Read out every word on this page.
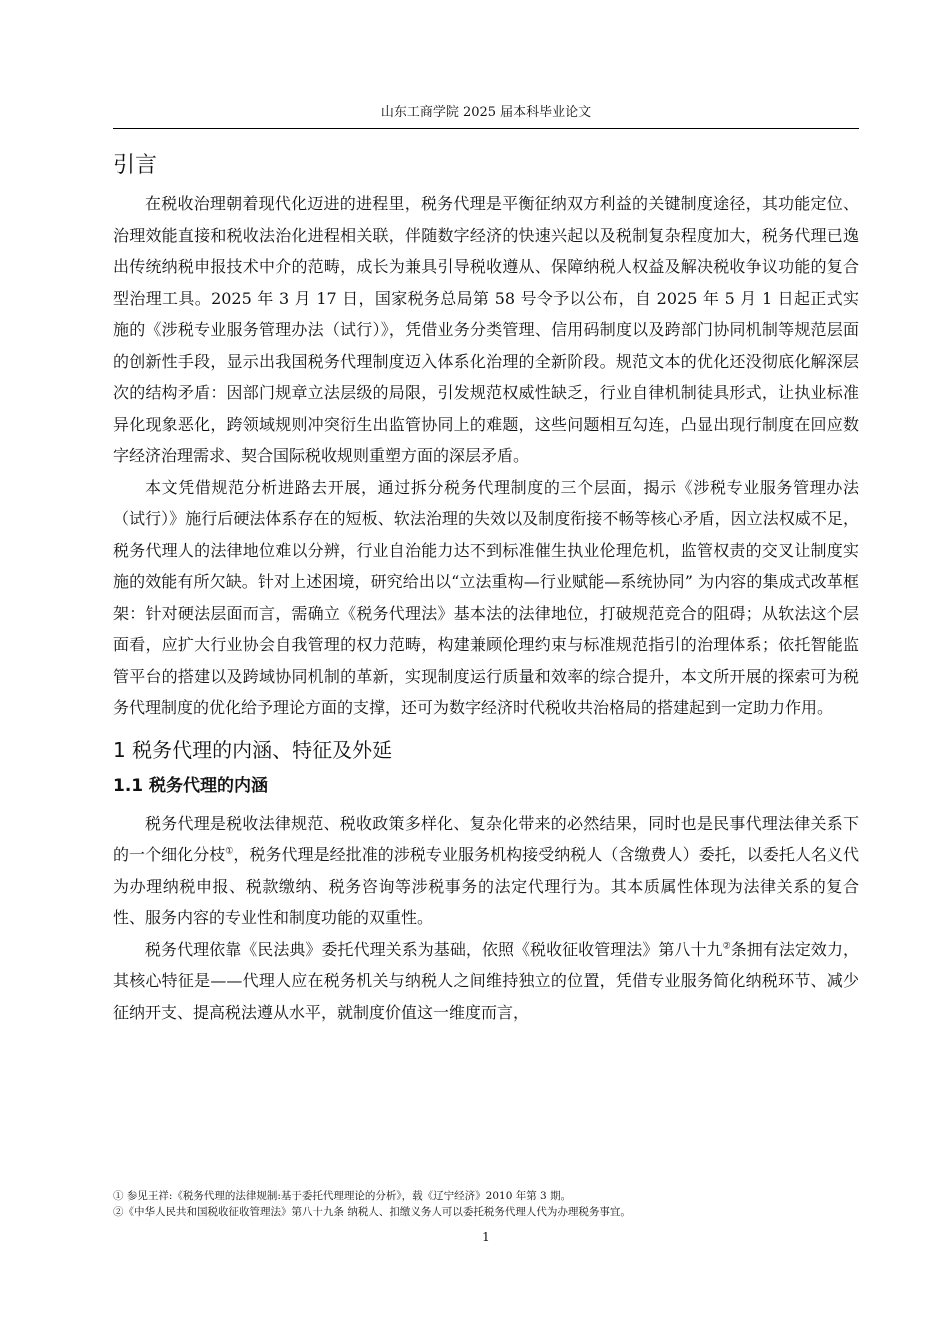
山东工商学院 2025 届本科毕业论文
引言

在税收治理朝着现代化迈进的进程里，税务代理是平衡征纳双方利益的关键制度途径，其功能定位、治理效能直接和税收法治化进程相关联，伴随数字经济的快速兴起以及税制复杂程度加大，税务代理已逸出传统纳税申报技术中介的范畴，成长为兼具引导税收遵从、保障纳税人权益及解决税收争议功能的复合型治理工具。2025 年 3 月 17 日，国家税务总局第 58 号令予以公布，自 2025 年 5 月 1 日起正式实施的《涉税专业服务管理办法（试行）》，凭借业务分类管理、信用码制度以及跨部门协同机制等规范层面的创新性手段，显示出我国税务代理制度迈入体系化治理的全新阶段。规范文本的优化还没彻底化解深层次的结构矛盾：因部门规章立法层级的局限，引发规范权威性缺乏，行业自律机制徒具形式，让执业标准异化现象恶化，跨领域规则冲突衍生出监管协同上的难题，这些问题相互勾连，凸显出现行制度在回应数字经济治理需求、契合国际税收规则重塑方面的深层矛盾。

本文凭借规范分析进路去开展，通过拆分税务代理制度的三个层面，揭示《涉税专业服务管理办法（试行）》施行后硬法体系存在的短板、软法治理的失效以及制度衔接不畅等核心矛盾，因立法权威不足，税务代理人的法律地位难以分辨，行业自治能力达不到标准催生执业伦理危机，监管权责的交叉让制度实施的效能有所欠缺。针对上述困境，研究给出以“立法重构—行业赋能—系统协同” 为内容的集成式改革框架：针对硬法层面而言，需确立《税务代理法》基本法的法律地位，打破规范竞合的阻碍；从软法这个层面看，应扩大行业协会自我管理的权力范畴，构建兼顾伦理约束与标准规范指引的治理体系；依托智能监管平台的搭建以及跨域协同机制的革新，实现制度运行质量和效率的综合提升，本文所开展的探索可为税务代理制度的优化给予理论方面的支撑，还可为数字经济时代税收共治格局的搭建起到一定助力作用。

1 税务代理的内涵、特征及外延
1.1 税务代理的内涵

税务代理是税收法律规范、税收政策多样化、复杂化带来的必然结果，同时也是民事代理法律关系下的一个细化分枝①，税务代理是经批准的涉税专业服务机构接受纳税人（含缴费人）委托，以委托人名义代为办理纳税申报、税款缴纳、税务咨询等涉税事务的法定代理行为。其本质属性体现为法律关系的复合性、服务内容的专业性和制度功能的双重性。

税务代理依靠《民法典》委托代理关系为基础，依照《税收征收管理法》第八十九②条拥有法定效力，其核心特征是——代理人应在税务机关与纳税人之间维持独立的位置，凭借专业服务简化纳税环节、减少征纳开支、提高税法遵从水平，就制度价值这一维度而言，

① 参见王祥:《税务代理的法律规制:基于委托代理理论的分析》，载《辽宁经济》2010 年第 3 期。

②《中华人民共和国税收征收管理法》第八十九条 纳税人、扣缴义务人可以委托税务代理人代为办理税务事宜。

1
